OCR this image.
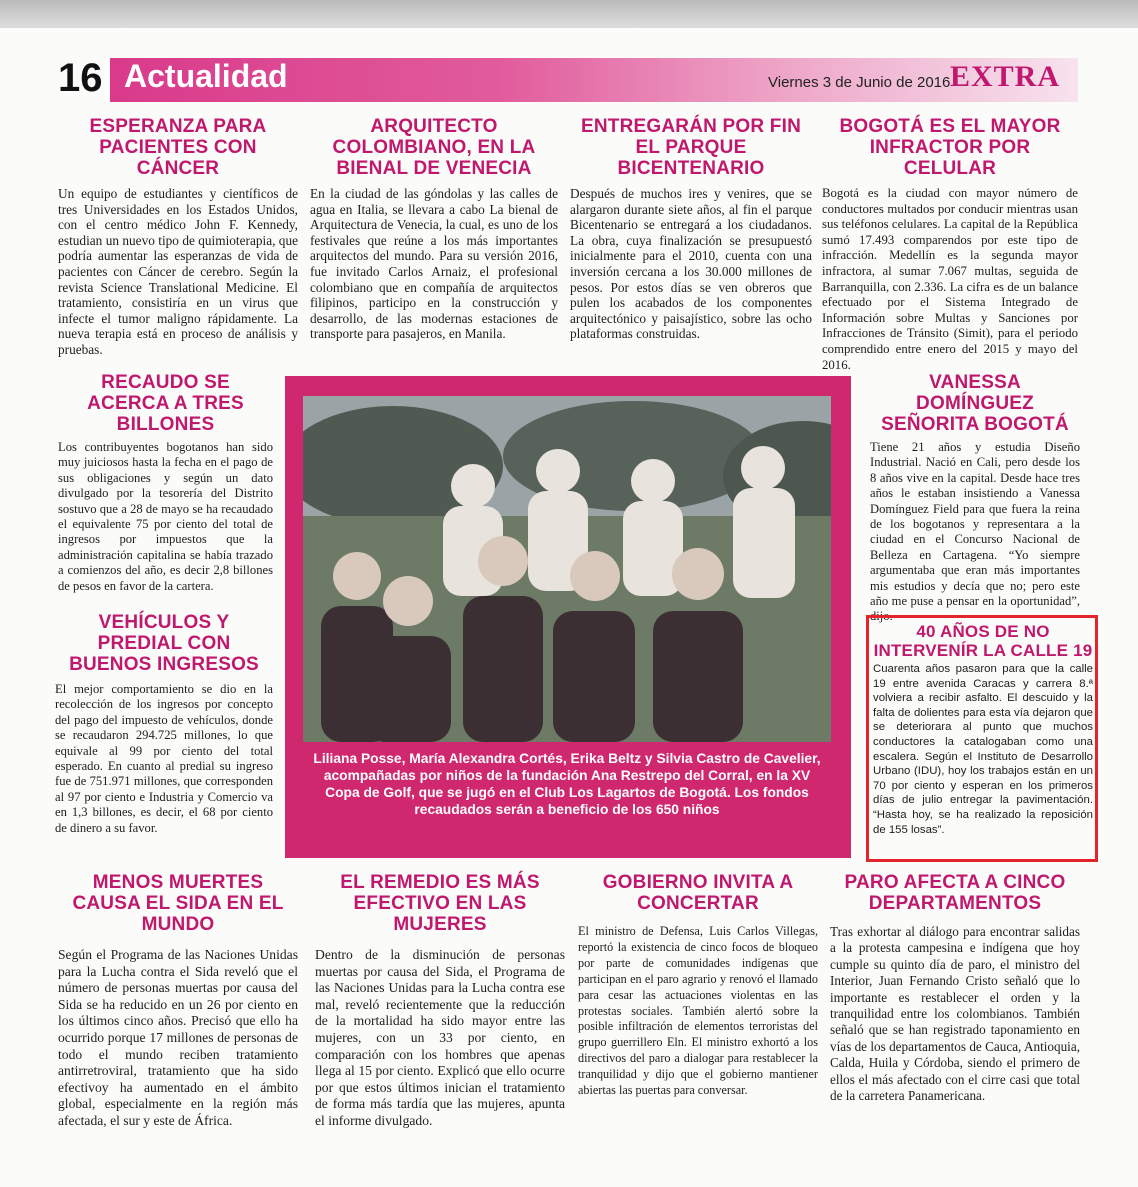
16 Actualidad	Viernes 3 de Junio de 2016 EXTRA
ESPERANZA PARA PACIENTES CON CÁNCER
Un equipo de estudiantes y científicos de tres Universidades en los Estados Unidos, con el centro médico John F. Kennedy, estudian un nuevo tipo de quimioterapia, que podría aumentar las esperanzas de vida de pacientes con Cáncer de cerebro. Según la revista Science Translational Medicine. El tratamiento, consistiría en un virus que infecte el tumor maligno rápidamente. La nueva terapia está en proceso de análisis y pruebas.
RECAUDO SE ACERCA A TRES BILLONES
Los contribuyentes bogotanos han sido muy juiciosos hasta la fecha en el pago de sus obligaciones y según un dato divulgado por la tesorería del Distrito sostuvo que a 28 de mayo se ha recaudado el equivalente 75 por ciento del total de ingresos por impuestos que la administración capitalina se había trazado a comienzos del año, es decir 2,8 billones de pesos en favor de la cartera.
VEHÍCULOS Y PREDIAL CON BUENOS INGRESOS
El mejor comportamiento se dio en la recolección de los ingresos por concepto del pago del impuesto de vehículos, donde se recaudaron 294.725 millones, lo que equivale al 99 por ciento del total esperado. En cuanto al predial su ingreso fue de 751.971 millones, que corresponden al 97 por ciento e Industria y Comercio va en 1,3 billones, es decir, el 68 por ciento de dinero a su favor.
ARQUITECTO COLOMBIANO, EN LA BIENAL DE VENECIA
En la ciudad de las góndolas y las calles de agua en Italia, se llevara a cabo La bienal de Arquitectura de Venecia, la cual, es uno de los festivales que reúne a los más importantes arquitectos del mundo. Para su versión 2016, fue invitado Carlos Arnaiz, el profesional colombiano que en compañía de arquitectos filipinos, participo en la construcción y desarrollo, de las modernas estaciones de transporte para pasajeros, en Manila.
ENTREGARÁN POR FIN EL PARQUE BICENTENARIO
Después de muchos ires y venires, que se alargaron durante siete años, al fin el parque Bicentenario se entregará a los ciudadanos. La obra, cuya finalización se presupuestó inicialmente para el 2010, cuenta con una inversión cercana a los 30.000 millones de pesos. Por estos días se ven obreros que pulen los acabados de los componentes arquitectónico y paisajístico, sobre las ocho plataformas construidas.
BOGOTÁ ES EL MAYOR INFRACTOR POR CELULAR
Bogotá es la ciudad con mayor número de conductores multados por conducir mientras usan sus teléfonos celulares. La capital de la República sumó 17.493 comparendos por este tipo de infracción. Medellín es la segunda mayor infractora, al sumar 7.067 multas, seguida de Barranquilla, con 2.336. La cifra es de un balance efectuado por el Sistema Integrado de Información sobre Multas y Sanciones por Infracciones de Tránsito (Simit), para el periodo comprendido entre enero del 2015 y mayo del 2016.
VANESSA DOMÍNGUEZ SEÑORITA BOGOTÁ
Tiene 21 años y estudia Diseño Industrial. Nació en Cali, pero desde los 8 años vive en la capital. Desde hace tres años le estaban insistiendo a Vanessa Domínguez Field para que fuera la reina de los bogotanos y representara a la ciudad en el Concurso Nacional de Belleza en Cartagena. “Yo siempre argumentaba que eran más importantes mis estudios y decía que no; pero este año me puse a pensar en la oportunidad”, dijo.
40 AÑOS DE NO INTERVENÍR LA CALLE 19
Cuarenta años pasaron para que la calle 19 entre avenida Caracas y carrera 8.ª volviera a recibir asfalto. El descuido y la falta de dolientes para esta vía dejaron que se deteriorara al punto que muchos conductores la catalogaban como una escalera. Según el Instituto de Desarrollo Urbano (IDU), hoy los trabajos están en un 70 por ciento y esperan en los primeros días de julio entregar la pavimentación. “Hasta hoy, se ha realizado la reposición de 155 losas”.
Liliana Posse, María Alexandra Cortés, Erika Beltz y Silvia Castro de Cavelier, acompañadas por niños de la fundación Ana Restrepo del Corral, en la XV Copa de Golf, que se jugó en el Club Los Lagartos de Bogotá. Los fondos recaudados serán a beneficio de los 650 niños
MENOS MUERTES CAUSA EL SIDA EN EL MUNDO
Según el Programa de las Naciones Unidas para la Lucha contra el Sida reveló que el número de personas muertas por causa del Sida se ha reducido en un 26 por ciento en los últimos cinco años. Precisó que ello ha ocurrido porque 17 millones de personas de todo el mundo reciben tratamiento antirretroviral, tratamiento que ha sido efectivoy ha aumentado en el ámbito global, especialmente en la región más afectada, el sur y este de África.
EL REMEDIO ES MÁS EFECTIVO EN LAS MUJERES
Dentro de la disminución de personas muertas por causa del Sida, el Programa de las Naciones Unidas para la Lucha contra ese mal, reveló recientemente que la reducción de la mortalidad ha sido mayor entre las mujeres, con un 33 por ciento, en comparación con los hombres que apenas llega al 15 por ciento. Explicó que ello ocurre por que estos últimos inician el tratamiento de forma más tardía que las mujeres, apunta el informe divulgado.
GOBIERNO INVITA A CONCERTAR
El ministro de Defensa, Luis Carlos Villegas, reportó la existencia de cinco focos de bloqueo por parte de comunidades indígenas que participan en el paro agrario y renovó el llamado para cesar las actuaciones violentas en las protestas sociales. También alertó sobre la posible infiltración de elementos terroristas del grupo guerrillero Eln. El ministro exhortó a los directivos del paro a dialogar para restablecer la tranquilidad y dijo que el gobierno mantiener abiertas las puertas para conversar.
PARO AFECTA A CINCO DEPARTAMENTOS
Tras exhortar al diálogo para encontrar salidas a la protesta campesina e indígena que hoy cumple su quinto día de paro, el ministro del Interior, Juan Fernando Cristo señaló que lo importante es restablecer el orden y la tranquilidad entre los colombianos. También señaló que se han registrado taponamiento en vías de los departamentos de Cauca, Antioquia, Calda, Huila y Córdoba, siendo el primero de ellos el más afectado con el cirre casi que total de la carretera Panamericana.
